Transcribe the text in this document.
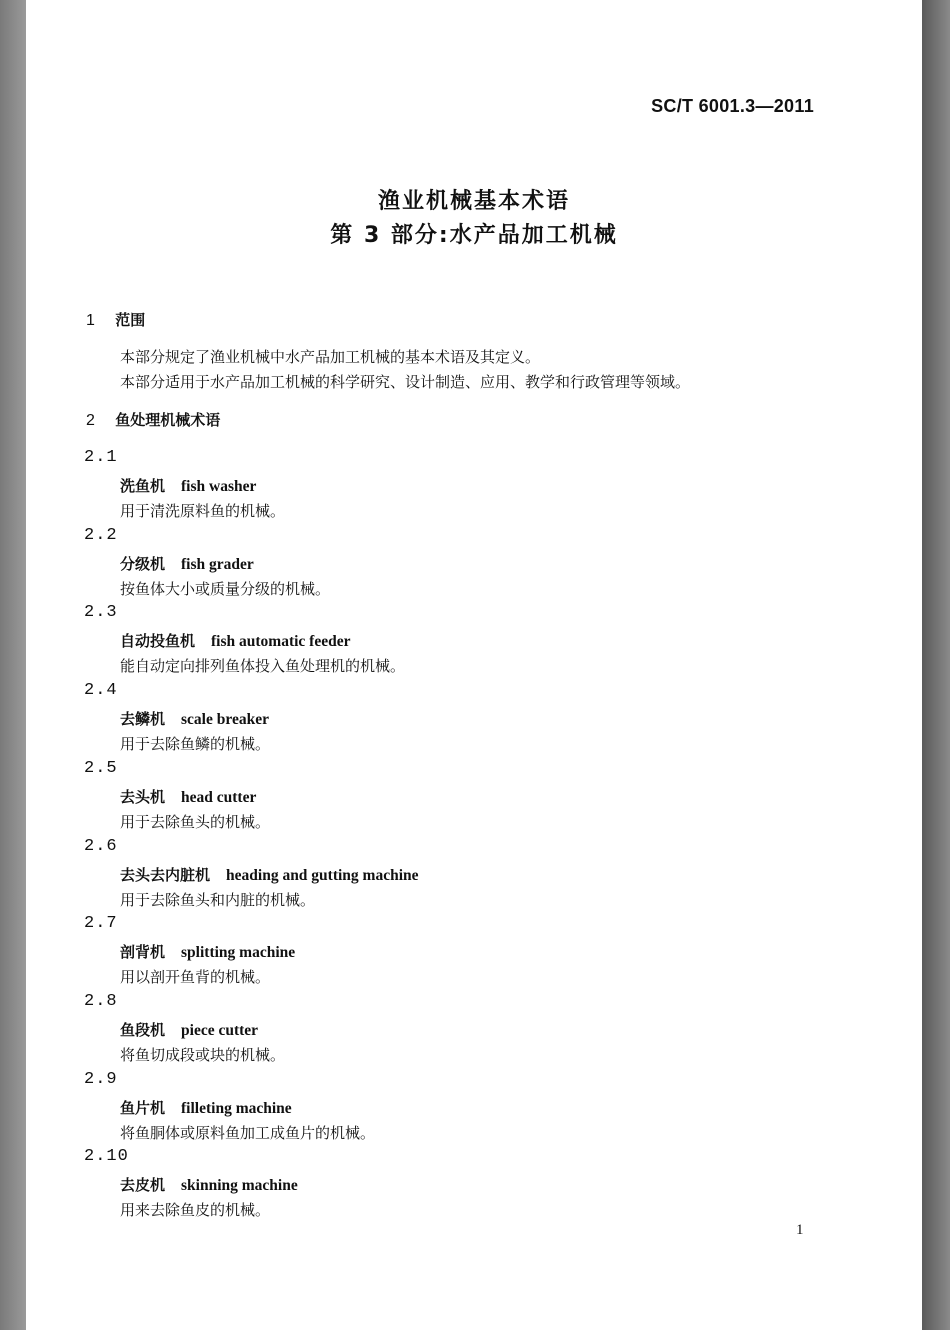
SC/T 6001.3—2011
渔业机械基本术语
第 3 部分:水产品加工机械
1 范围
本部分规定了渔业机械中水产品加工机械的基本术语及其定义。
本部分适用于水产品加工机械的科学研究、设计制造、应用、教学和行政管理等领域。
2 鱼处理机械术语
2.1
洗鱼机 fish washer
用于清洗原料鱼的机械。
2.2
分级机 fish grader
按鱼体大小或质量分级的机械。
2.3
自动投鱼机 fish automatic feeder
能自动定向排列鱼体投入鱼处理机的机械。
2.4
去鳞机 scale breaker
用于去除鱼鳞的机械。
2.5
去头机 head cutter
用于去除鱼头的机械。
2.6
去头去内脏机 heading and gutting machine
用于去除鱼头和内脏的机械。
2.7
剖背机 splitting machine
用以剖开鱼背的机械。
2.8
鱼段机 piece cutter
将鱼切成段或块的机械。
2.9
鱼片机 filleting machine
将鱼胴体或原料鱼加工成鱼片的机械。
2.10
去皮机 skinning machine
用来去除鱼皮的机械。
1
